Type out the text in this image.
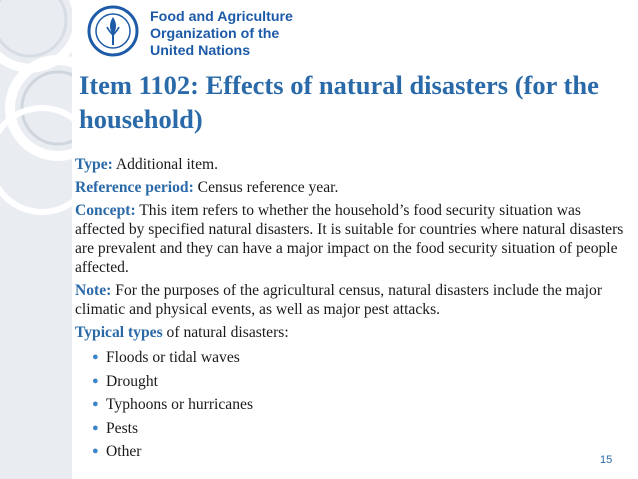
Food and Agriculture
Organization of the
United Nations
Item 1102: Effects of natural disasters (for the household)

Type: Additional item.

Reference period: Census reference year.

Concept: This item refers to whether the household’s food security situation was affected by specified natural disasters. It is suitable for countries where natural disasters are prevalent and they can have a major impact on the food security situation of people affected.

Note: For the purposes of the agricultural census, natural disasters include the major climatic and physical events, as well as major pest attacks.

Typical types of natural disasters:

● Floods or tidal waves
● Drought
● Typhoons or hurricanes
● Pests
● Other	15
